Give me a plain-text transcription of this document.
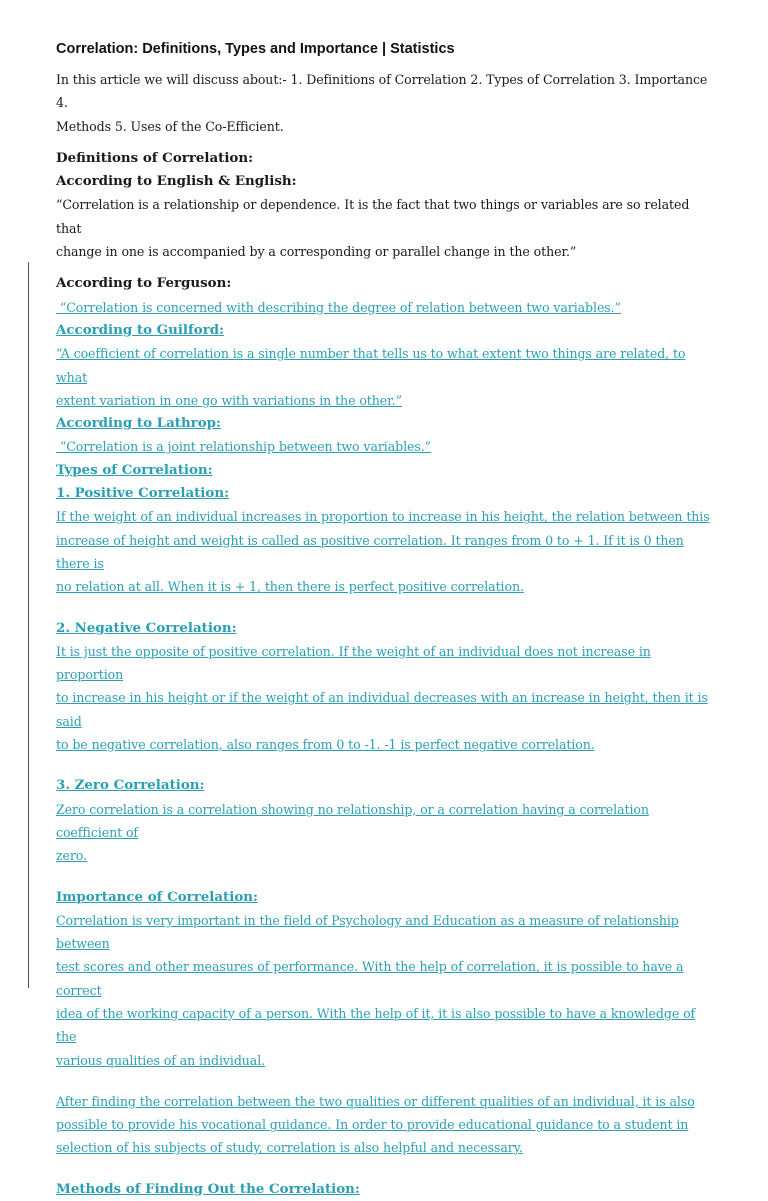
Correlation: Definitions, Types and Importance | Statistics

In this article we will discuss about:- 1. Definitions of Correlation 2. Types of Correlation 3. Importance 4.

Methods 5. Uses of the Co-Efficient.

Definitions of Correlation:

According to English & English:

“Correlation is a relationship or dependence. It is the fact that two things or variables are so related that

change in one is accompanied by a corresponding or parallel change in the other.”

According to Ferguson:

“Correlation is concerned with describing the degree of relation between two variables.”

According to Guilford:

“A coefficient of correlation is a single number that tells us to what extent two things are related, to what

extent variation in one go with variations in the other.”

According to Lathrop:

“Correlation is a joint relationship between two variables.”

Types of Correlation:

1. Positive Correlation:

If the weight of an individual increases in proportion to increase in his height, the relation between this

increase of height and weight is called as positive correlation. It ranges from 0 to + 1. If it is 0 then there is

no relation at all. When it is + 1, then there is perfect positive correlation.

2. Negative Correlation:

It is just the opposite of positive correlation. If the weight of an individual does not increase in proportion

to increase in his height or if the weight of an individual decreases with an increase in height, then it is said

to be negative correlation, also ranges from 0 to -1. -1 is perfect negative correlation.

3. Zero Correlation:

Zero correlation is a correlation showing no relationship, or a correlation having a correlation coefficient of

zero.

Importance of Correlation:

Correlation is very important in the field of Psychology and Education as a measure of relationship between

test scores and other measures of performance. With the help of correlation, it is possible to have a correct

idea of the working capacity of a person. With the help of it, it is also possible to have a knowledge of the

various qualities of an individual.

After finding the correlation between the two qualities or different qualities of an individual, it is also

possible to provide his vocational guidance. In order to provide educational guidance to a student in

selection of his subjects of study, correlation is also helpful and necessary.

Methods of Finding Out the Correlation:
